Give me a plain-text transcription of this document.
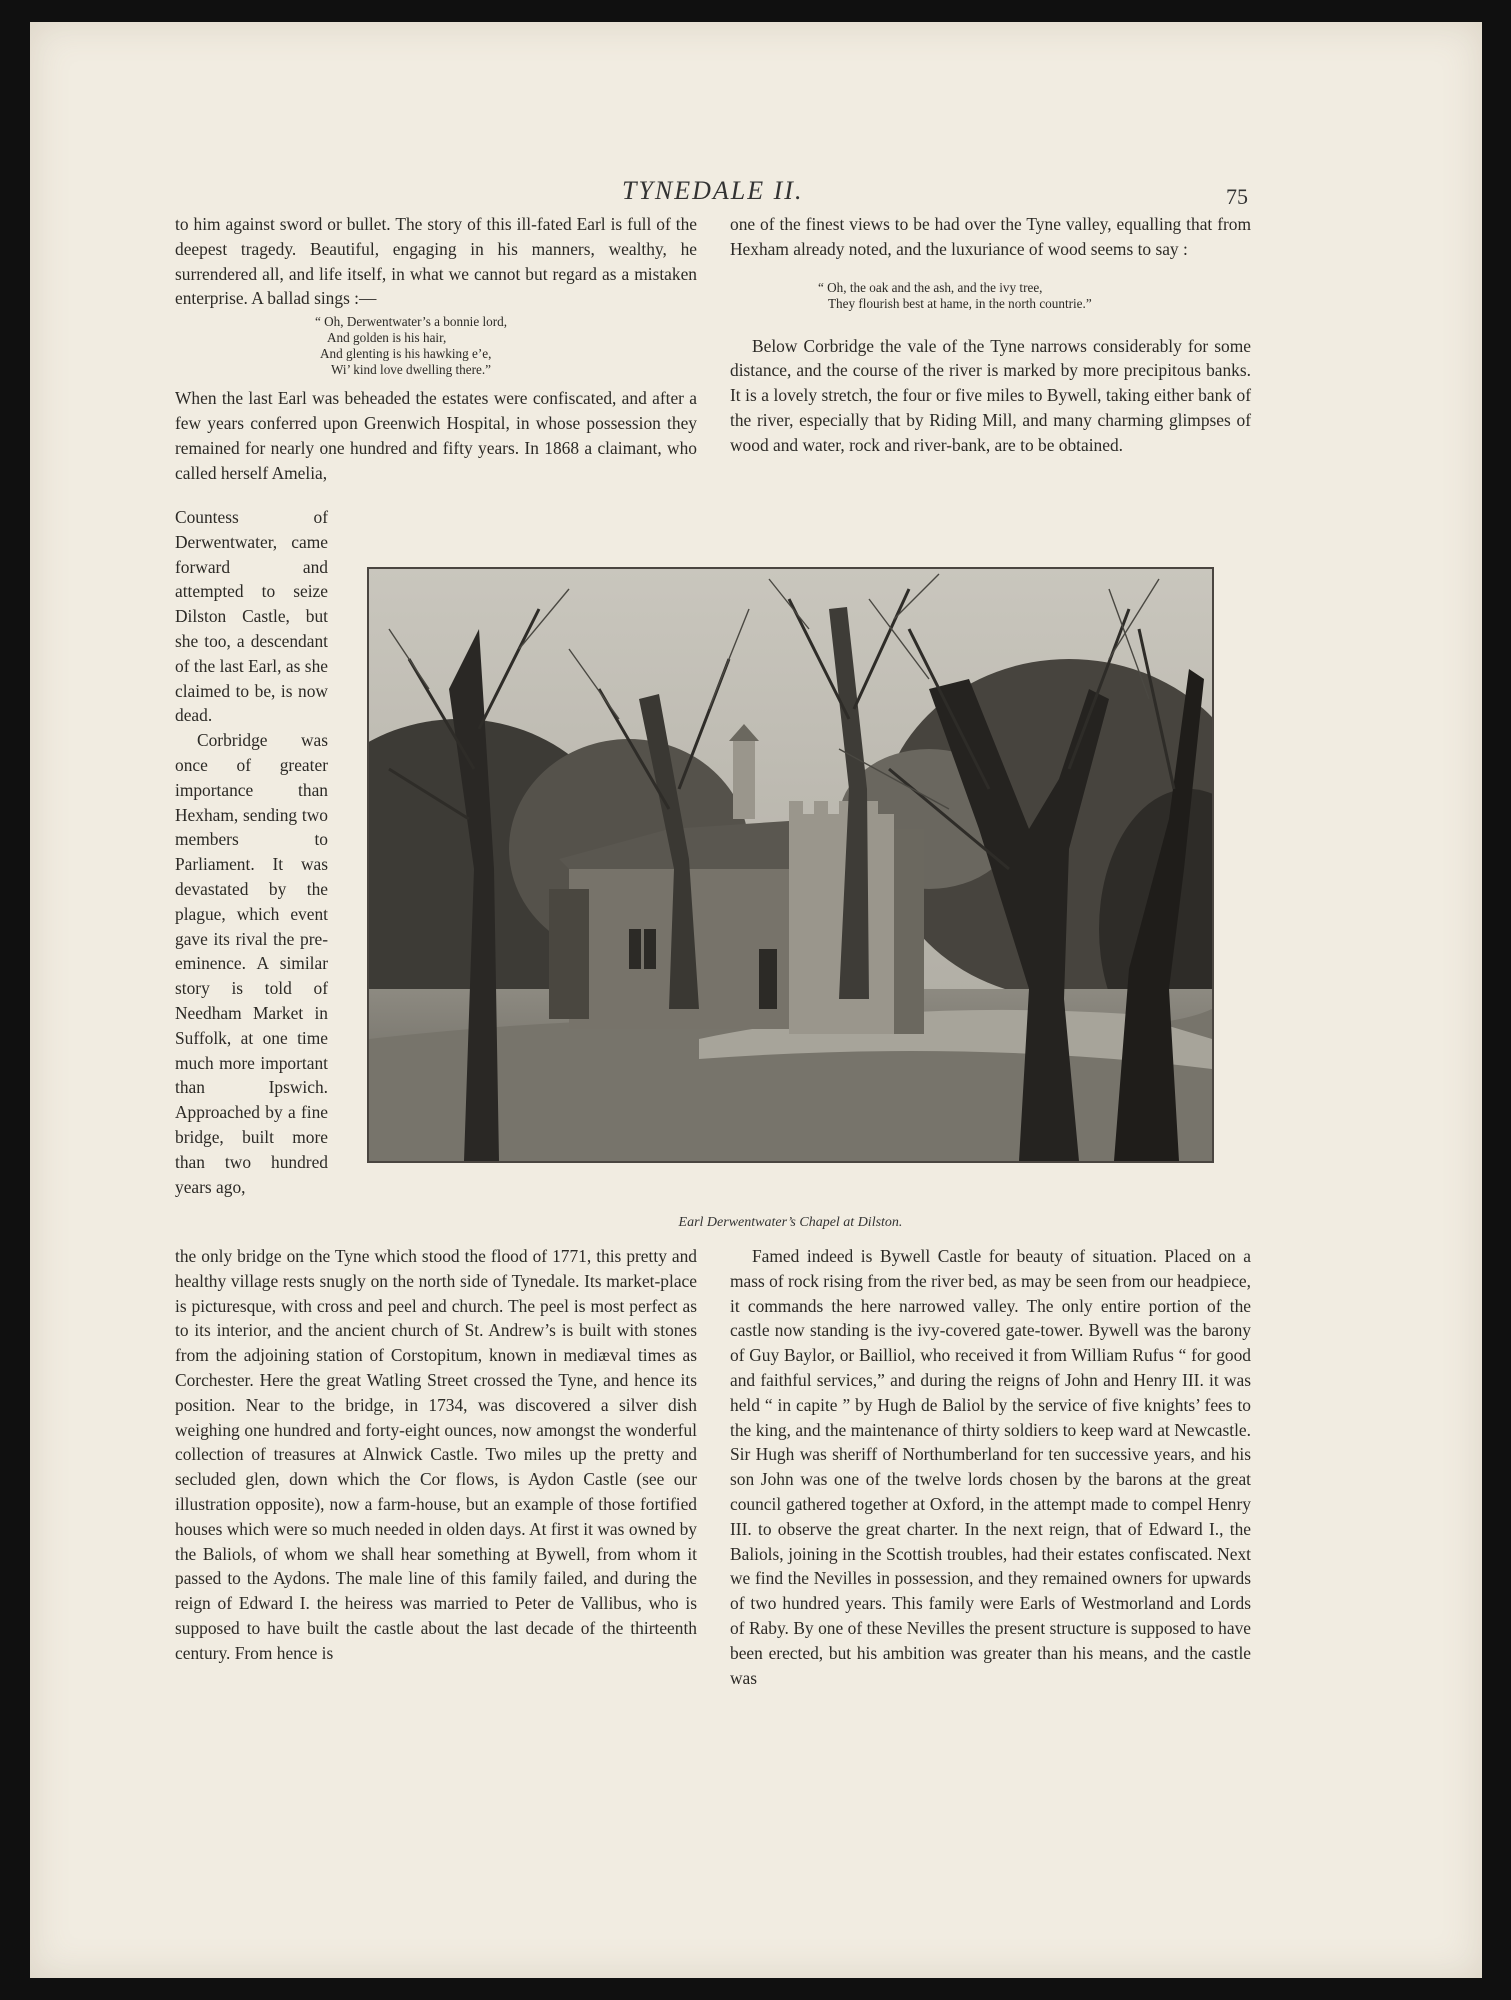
TYNEDALE II.	75

to him against sword or bullet. The story of this ill-fated Earl is full of the deepest tragedy. Beautiful, engaging in his manners, wealthy, he surrendered all, and life itself, in what we cannot but regard as a mistaken enterprise. A ballad sings :—

“ Oh, Derwentwater’s a bonnie lord,
And golden is his hair,
And glenting is his hawking e’e,
Wi’ kind love dwelling there.”

When the last Earl was beheaded the estates were confiscated, and after a few years conferred upon Greenwich Hospital, in whose possession they remained for nearly one hundred and fifty years. In 1868 a claimant, who called herself Amelia,

Countess of Derwentwater, came forward and attempted to seize Dilston Castle, but she too, a descendant of the last Earl, as she claimed to be, is now dead.

Corbridge was once of greater importance than Hexham, sending two members to Parliament. It was devastated by the plague, which event gave its rival the pre-eminence. A similar story is told of Needham Market in Suffolk, at one time much more important than Ipswich. Approached by a fine bridge, built more than two hundred years ago,

one of the finest views to be had over the Tyne valley, equalling that from Hexham already noted, and the luxuriance of wood seems to say :

“ Oh, the oak and the ash, and the ivy tree,
They flourish best at hame, in the north countrie.”

Below Corbridge the vale of the Tyne narrows considerably for some distance, and the course of the river is marked by more precipitous banks. It is a lovely stretch, the four or five miles to Bywell, taking either bank of the river, especially that by Riding Mill, and many charming glimpses of wood and water, rock and river-bank, are to be obtained.

Earl Derwentwater’s Chapel at Dilston.

the only bridge on the Tyne which stood the flood of 1771, this pretty and healthy village rests snugly on the north side of Tynedale. Its market-place is picturesque, with cross and peel and church. The peel is most perfect as to its interior, and the ancient church of St. Andrew’s is built with stones from the adjoining station of Corstopitum, known in mediæval times as Corchester. Here the great Watling Street crossed the Tyne, and hence its position. Near to the bridge, in 1734, was discovered a silver dish weighing one hundred and forty-eight ounces, now amongst the wonderful collection of treasures at Alnwick Castle. Two miles up the pretty and secluded glen, down which the Cor flows, is Aydon Castle (see our illustration opposite), now a farm-house, but an example of those fortified houses which were so much needed in olden days. At first it was owned by the Baliols, of whom we shall hear something at Bywell, from whom it passed to the Aydons. The male line of this family failed, and during the reign of Edward I. the heiress was married to Peter de Vallibus, who is supposed to have built the castle about the last decade of the thirteenth century. From hence is

Famed indeed is Bywell Castle for beauty of situation. Placed on a mass of rock rising from the river bed, as may be seen from our headpiece, it commands the here narrowed valley. The only entire portion of the castle now standing is the ivy-covered gate-tower. Bywell was the barony of Guy Baylor, or Bailliol, who received it from William Rufus “ for good and faithful services,” and during the reigns of John and Henry III. it was held “ in capite ” by Hugh de Baliol by the service of five knights’ fees to the king, and the maintenance of thirty soldiers to keep ward at Newcastle. Sir Hugh was sheriff of Northumberland for ten successive years, and his son John was one of the twelve lords chosen by the barons at the great council gathered together at Oxford, in the attempt made to compel Henry III. to observe the great charter. In the next reign, that of Edward I., the Baliols, joining in the Scottish troubles, had their estates confiscated. Next we find the Nevilles in possession, and they remained owners for upwards of two hundred years. This family were Earls of Westmorland and Lords of Raby. By one of these Nevilles the present structure is supposed to have been erected, but his ambition was greater than his means, and the castle was
